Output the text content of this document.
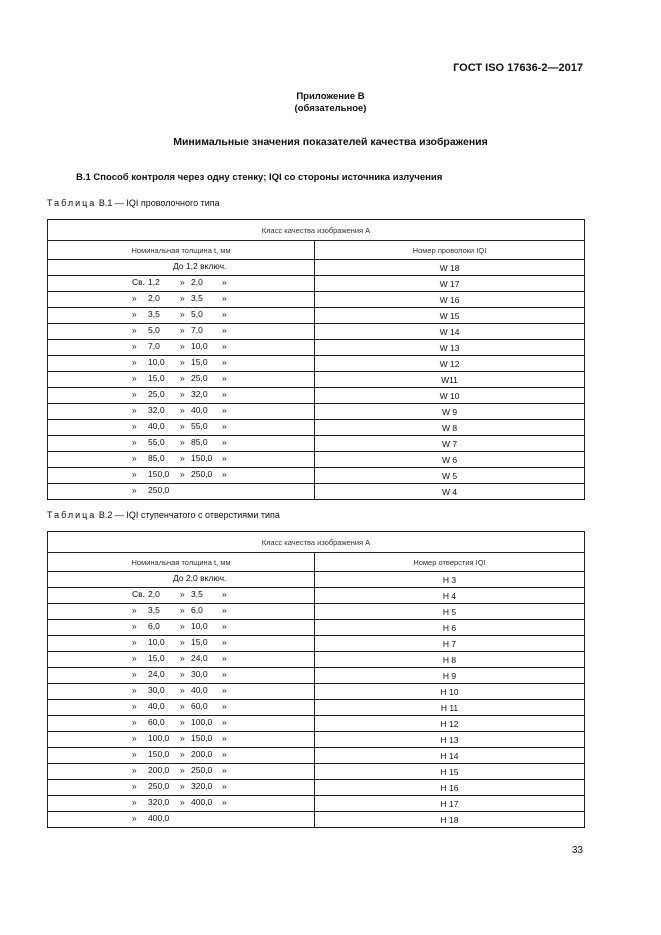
ГОСТ ISO 17636-2—2017
Приложение В
(обязательное)
Минимальные значения показателей качества изображения
В.1 Способ контроля через одну стенку; IQI со стороны источника излучения
Таблица В.1 — IQI проволочного типа
Класс качества изображения А	
Номинальная толщина t, мм	Номер проволоки IQI

До 1,2 включ.	W 18

Св. 1,2 » 2,0 »	W 17

» 2,0 » 3,5 »	W 16

» 3,5 » 5,0 »	W 15

» 5,0 » 7,0 »	W 14

» 7,0 » 10,0 »	W 13

» 10,0 » 15,0 »	W 12

» 15,0 » 25,0 »	W11

» 25,0 » 32,0 »	W 10

» 32,0 » 40,0 »	W 9

» 40,0 » 55,0 »	W 8

» 55,0 » 85,0 »	W 7

» 85,0 » 150,0 »	W 6

» 150,0 » 250,0 »	W 5

» 250,0	W 4
Таблица В.2 — IQI ступенчатого с отверстиями типа
Класс качества изображения А	
Номинальная толщина t, мм	Номер отверстия IQI

До 2,0 включ.	H 3

Св. 2,0 » 3,5 »	H 4

» 3,5 » 6,0 »	H 5

» 6,0 » 10,0 »	H 6

» 10,0 » 15,0 »	H 7

» 15,0 » 24,0 »	H 8

» 24,0 » 30,0 »	H 9

» 30,0 » 40,0 »	H 10

» 40,0 » 60,0 »	H 11

» 60,0 » 100,0 »	H 12

» 100,0 » 150,0 »	H 13

» 150,0 » 200,0 »	H 14

» 200,0 » 250,0 »	H 15

» 250,0 » 320,0 »	H 16

» 320,0 » 400,0 »	H 17

» 400,0	H 18
33
